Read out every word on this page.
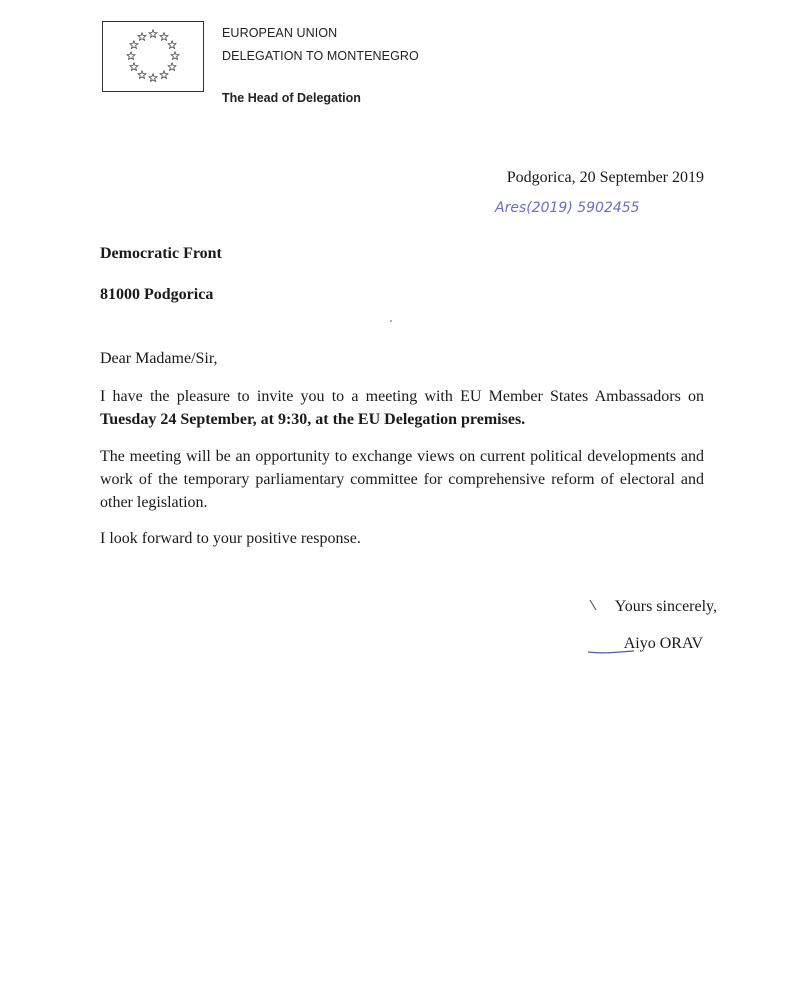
EUROPEAN UNION
DELEGATION TO MONTENEGRO
The Head of Delegation
Podgorica, 20 September 2019
Ares(2019) 5902455
Democratic Front
81000 Podgorica
Dear Madame/Sir,
I have the pleasure to invite you to a meeting with EU Member States Ambassadors on Tuesday 24 September, at 9:30, at the EU Delegation premises.
The meeting will be an opportunity to exchange views on current political developments and work of the temporary parliamentary committee for comprehensive reform of electoral and other legislation.
I look forward to your positive response.
Yours sincerely,
Aiyo ORAV
